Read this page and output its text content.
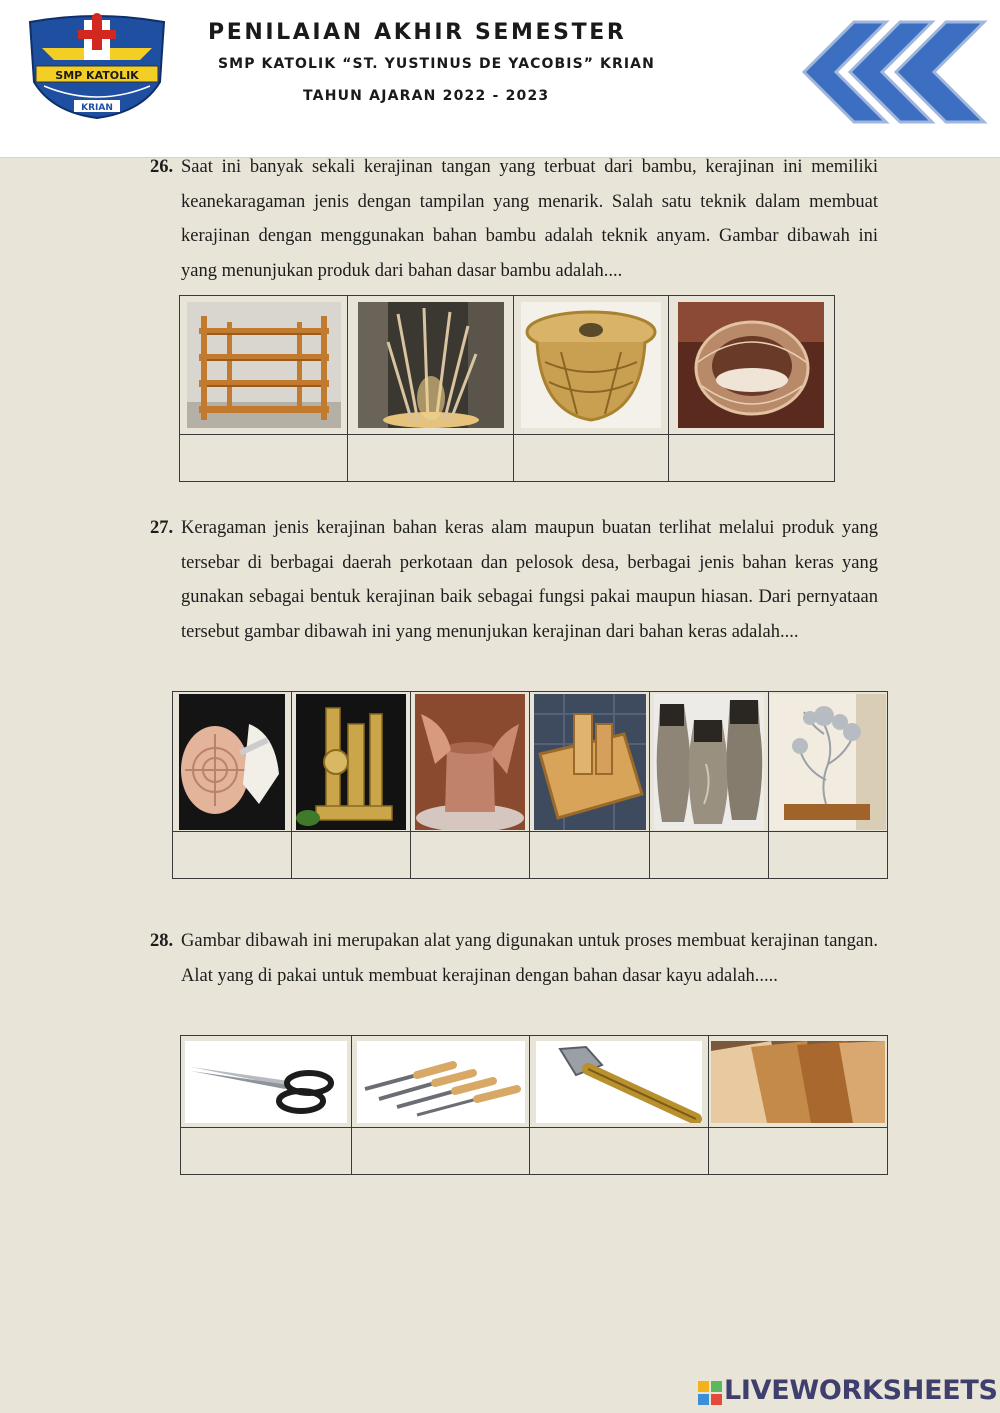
SMP KATOLIK
KRIAN
PENILAIAN AKHIR SEMESTER
SMP KATOLIK “ST. YUSTINUS DE YACOBIS” KRIAN
TAHUN AJARAN 2022 - 2023
26. Saat ini banyak sekali kerajinan tangan yang terbuat dari bambu, kerajinan ini memiliki keanekaragaman jenis dengan tampilan yang menarik. Salah satu teknik dalam membuat kerajinan dengan menggunakan bahan bambu adalah teknik anyam. Gambar dibawah ini yang menunjukan produk dari bahan dasar bambu adalah....

27. Keragaman jenis kerajinan bahan keras alam maupun buatan terlihat melalui produk yang tersebar di berbagai daerah perkotaan dan pelosok desa, berbagai jenis bahan keras yang gunakan sebagai bentuk kerajinan baik sebagai fungsi pakai maupun hiasan. Dari pernyataan tersebut gambar dibawah ini yang menunjukan kerajinan dari bahan keras adalah....

28. Gambar dibawah ini merupakan alat yang digunakan untuk proses membuat kerajinan tangan. Alat yang di pakai untuk membuat kerajinan dengan bahan dasar kayu adalah.....

LIVEWORKSHEETS
